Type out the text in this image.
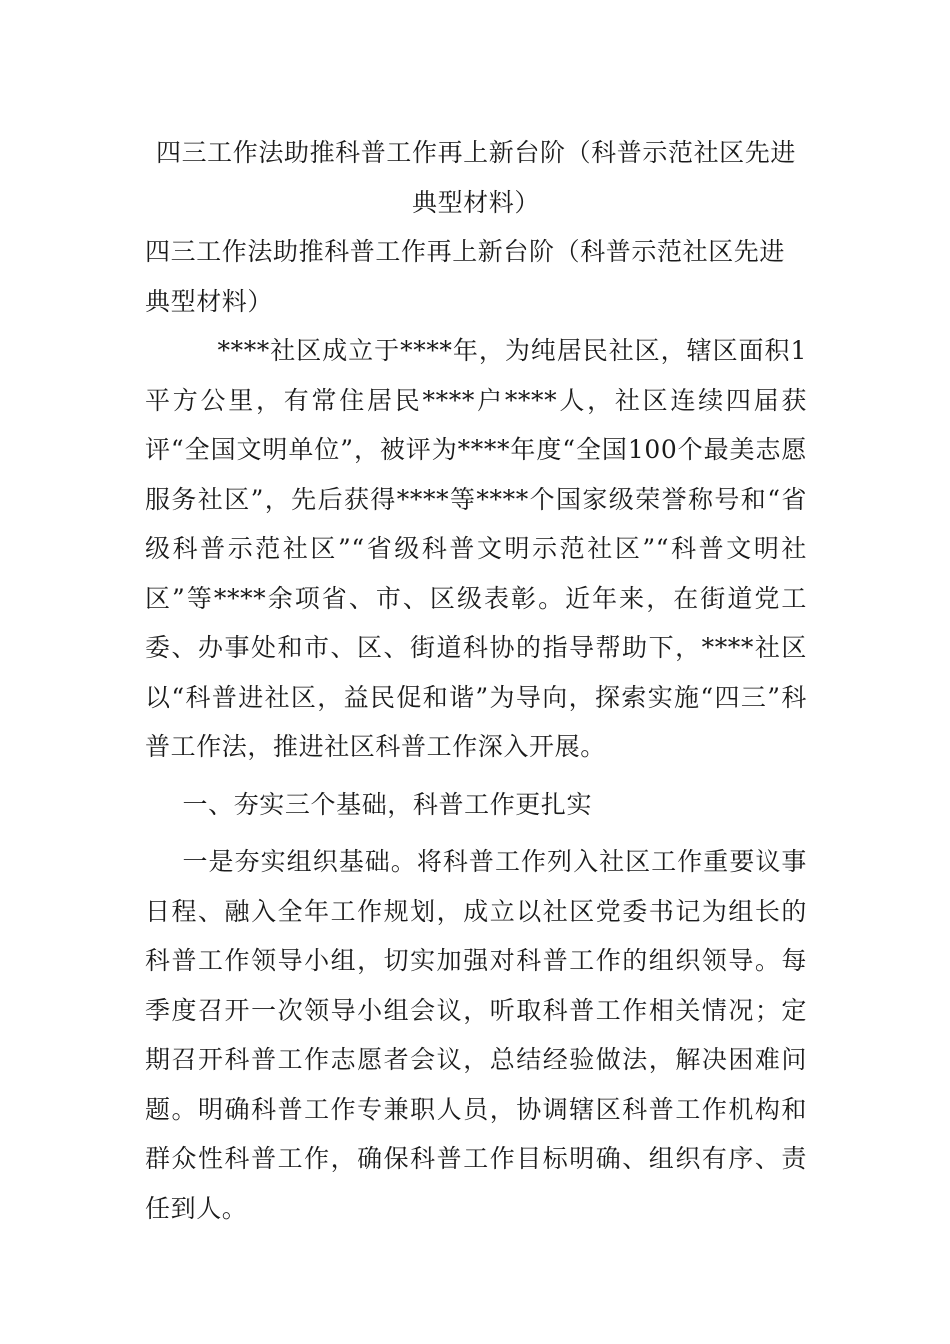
四三工作法助推科普工作再上新台阶（科普示范社区先进典型材料）
四三工作法助推科普工作再上新台阶（科普示范社区先进典型材料）

****社区成立于****年，为纯居民社区，辖区面积1平方公里，有常住居民****户****人，社区连续四届获评“全国文明单位”，被评为****年度“全国100个最美志愿服务社区”，先后获得****等****个国家级荣誉称号和“省级科普示范社区”“省级科普文明示范社区”“科普文明社区”等****余项省、市、区级表彰。近年来，在街道党工委、办事处和市、区、街道科协的指导帮助下，****社区以“科普进社区，益民促和谐”为导向，探索实施“四三”科普工作法，推进社区科普工作深入开展。

一、夯实三个基础，科普工作更扎实

一是夯实组织基础。将科普工作列入社区工作重要议事日程、融入全年工作规划，成立以社区党委书记为组长的科普工作领导小组，切实加强对科普工作的组织领导。每季度召开一次领导小组会议，听取科普工作相关情况；定期召开科普工作志愿者会议，总结经验做法，解决困难问题。明确科普工作专兼职人员，协调辖区科普工作机构和群众性科普工作，确保科普工作目标明确、组织有序、责任到人。
